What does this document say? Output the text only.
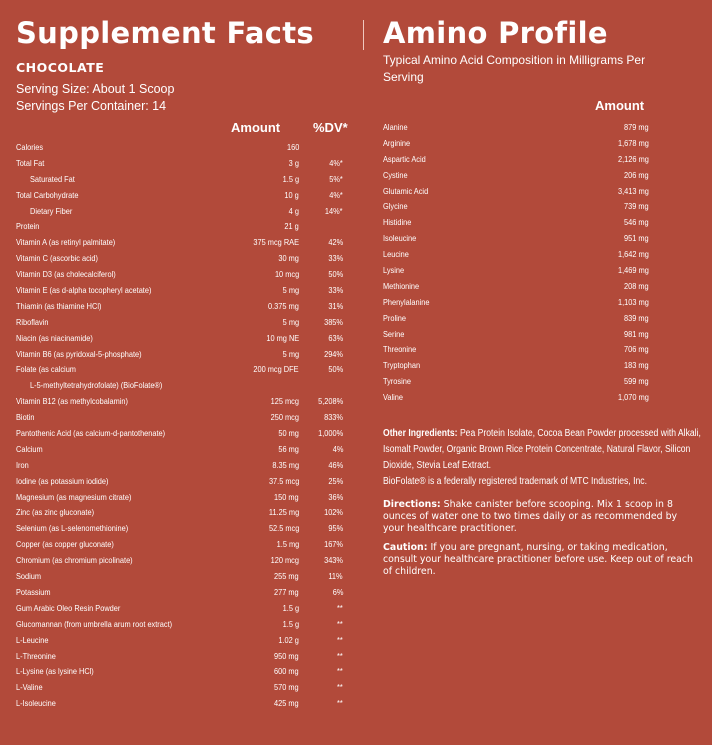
Supplement Facts Amino Profile
CHOCOLATE
Serving Size: About 1 Scoop
Servings Per Container: 14
Amount	%DV*
Calories	160
Total Fat	3 g	4%*
Saturated Fat	1.5 g	5%*
Total Carbohydrate	10 g	4%*
Dietary Fiber	4 g	14%*
Protein	21 g
Vitamin A (as retinyl palmitate)	375 mcg RAE	42%
Vitamin C (ascorbic acid)	30 mg	33%
Vitamin D3 (as cholecalciferol)	10 mcg	50%
Vitamin E (as d-alpha tocopheryl acetate)	5 mg	33%
Thiamin (as thiamine HCl)	0.375 mg	31%
Riboflavin	5 mg	385%
Niacin (as niacinamide)	10 mg NE	63%
Vitamin B6 (as pyridoxal-5-phosphate)	5 mg	294%
Folate (as calcium	200 mcg DFE	50%
L-5-methyltetrahydrofolate) (BioFolate®)
Vitamin B12 (as methylcobalamin)	125 mcg 5,208%
Biotin	250 mcg	833%
Pantothenic Acid (as calcium-d-pantothenate)	50 mg 1,000%
Calcium	56 mg	4%
Iron	8.35 mg	46%
Iodine (as potassium iodide)	37.5 mcg	25%
Magnesium (as magnesium citrate)	150 mg	36%
Zinc (as zinc gluconate)	11.25 mg	102%
Selenium (as L-selenomethionine)	52.5 mcg	95%
Copper (as copper gluconate)	1.5 mg	167%
Chromium (as chromium picolinate)	120 mcg	343%
Sodium	255 mg	11%
Potassium	277 mg	6%
Gum Arabic Oleo Resin Powder	1.5 g	**
Glucomannan (from umbrella arum root extract)	1.5 g	**
L-Leucine	1.02 g	**
L-Threonine	950 mg	**
L-Lysine (as lysine HCl)	600 mg	**
L-Valine	570 mg	**
L-Isoleucine	425 mg	**
Typical Amino Acid Composition in Milligrams Per Serving
Amount
Alanine	879 mg
Arginine	1,678 mg
Aspartic Acid	2,126 mg
Cystine	206 mg
Glutamic Acid	3,413 mg
Glycine	739 mg
Histidine	546 mg
Isoleucine	951 mg
Leucine	1,642 mg
Lysine	1,469 mg
Methionine	208 mg
Phenylalanine	1,103 mg
Proline	839 mg
Serine	981 mg
Threonine	706 mg
Tryptophan	183 mg
Tyrosine	599 mg
Valine	1,070 mg
Other Ingredients: Pea Protein Isolate, Cocoa Bean Powder processed with Alkali, Isomalt Powder, Organic Brown Rice Protein Concentrate, Natural Flavor, Silicon Dioxide, Stevia Leaf Extract.
BioFolate® is a federally registered trademark of MTC Industries, Inc.
Directions: Shake canister before scooping. Mix 1 scoop in 8 ounces of water one to two times daily or as recommended by your healthcare practitioner.
Caution: If you are pregnant, nursing, or taking medication, consult your healthcare practitioner before use. Keep out of reach of children.
